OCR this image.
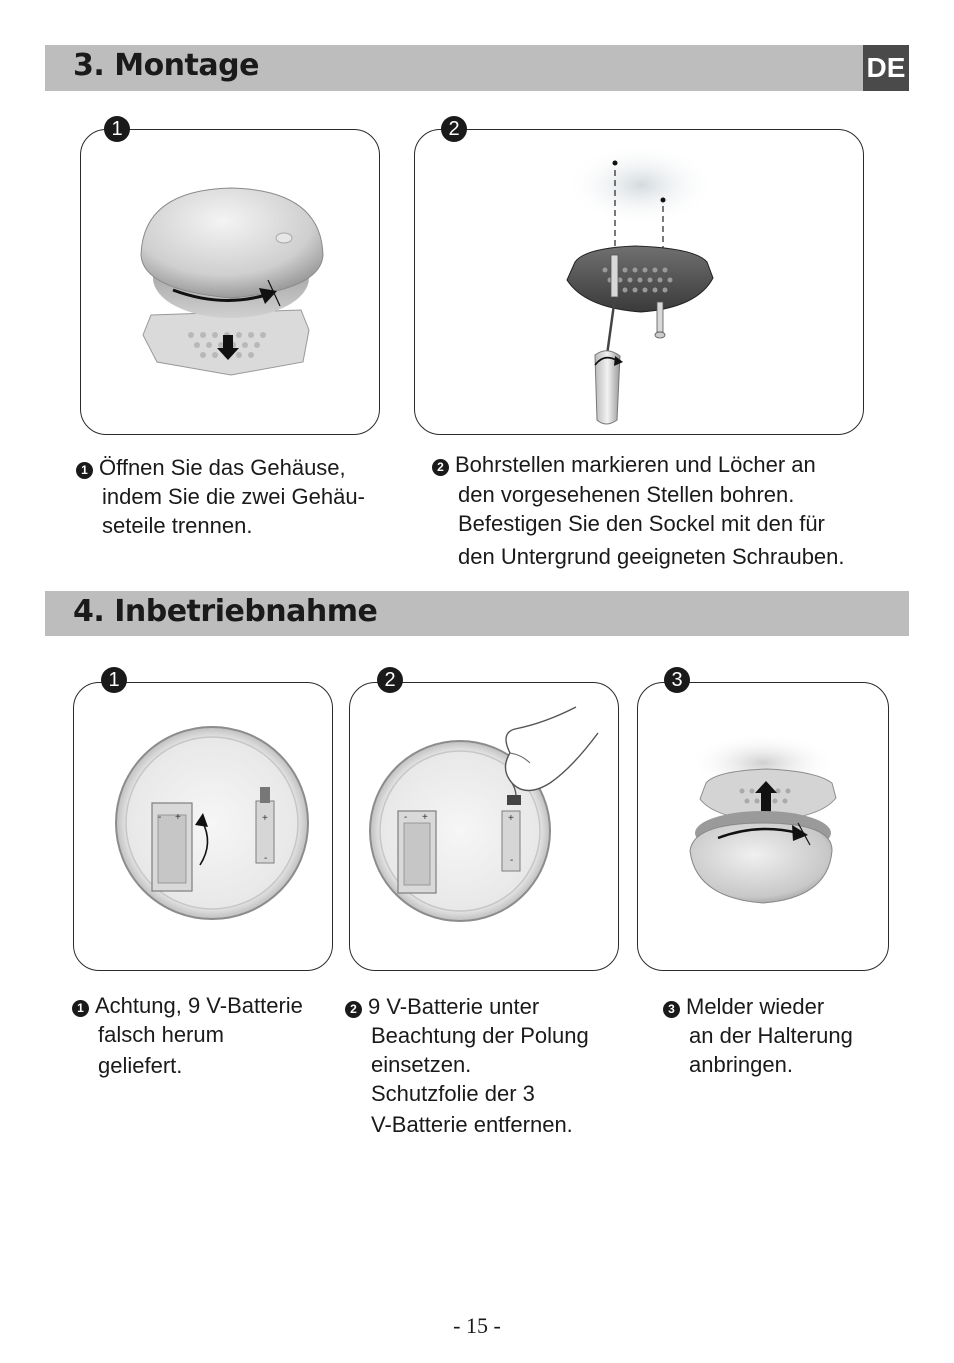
3. Montage	DE
1	2
1 Öffnen Sie das Gehäuse,
indem Sie die zwei Gehäu-
seteile trennen.
2 Bohrstellen markieren und Löcher an
den vorgesehenen Stellen bohren.
Befestigen Sie den Sockel mit den für
den Untergrund geeigneten Schrauben.
4. Inbetriebnahme
- +	+
-
1
- +	+
-
2	3
1 Achtung, 9 V-Batterie
falsch herum
geliefert.
2 9 V-Batterie unter
Beachtung der Polung
einsetzen.
Schutzfolie der 3
V-Batterie entfernen.
3 Melder wieder
an der Halterung
anbringen.
- 15 -
